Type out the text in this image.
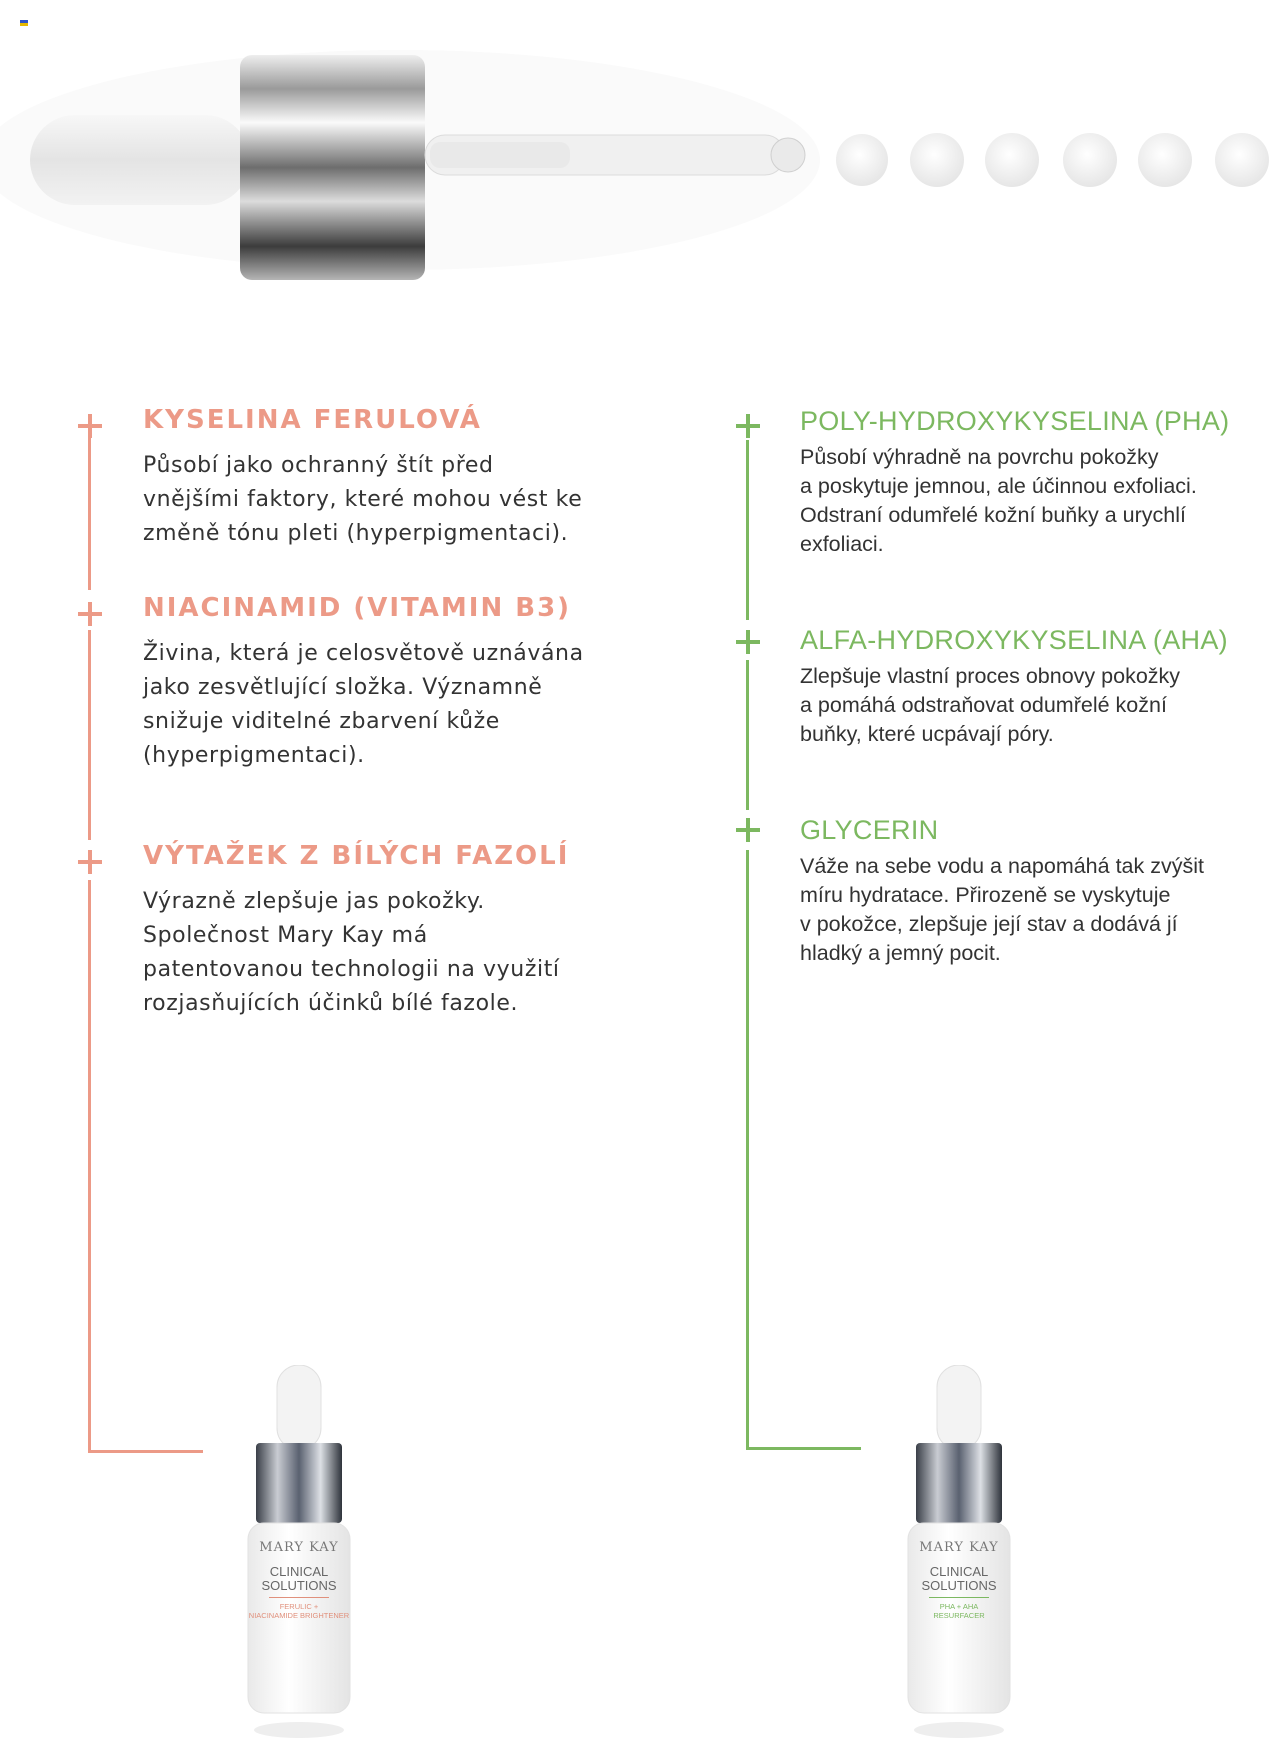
KYSELINA FERULOVÁ

Působí jako ochranný štít před

vnějšími faktory, které mohou vést ke

změně tónu pleti (hyperpigmentaci).

NIACINAMID (VITAMIN B3)

Živina, která je celosvětově uznávána

jako zesvětlující složka. Významně

snižuje viditelné zbarvení kůže

(hyperpigmentaci).

VÝTAŽEK Z BÍLÝCH FAZOLÍ

Výrazně zlepšuje jas pokožky.

Společnost Mary Kay má

patentovanou technologii na využití

rozjasňujících účinků bílé fazole.

POLY-HYDROXYKYSELINA (PHA)

Působí výhradně na povrchu pokožky

a poskytuje jemnou, ale účinnou exfoliaci.

Odstraní odumřelé kožní buňky a urychlí

exfoliaci.

ALFA-HYDROXYKYSELINA (AHA)

Zlepšuje vlastní proces obnovy pokožky

a pomáhá odstraňovat odumřelé kožní

buňky, které ucpávají póry.

GLYCERIN

Váže na sebe vodu a napomáhá tak zvýšit

míru hydratace. Přirozeně se vyskytuje

v pokožce, zlepšuje její stav a dodává jí

hladký a jemný pocit.

MARY KAY
CLINICAL
SOLUTIONS
FERULIC +
NIACINAMIDE BRIGHTENER
MARY KAY
CLINICAL
SOLUTIONS
PHA + AHA
RESURFACER
